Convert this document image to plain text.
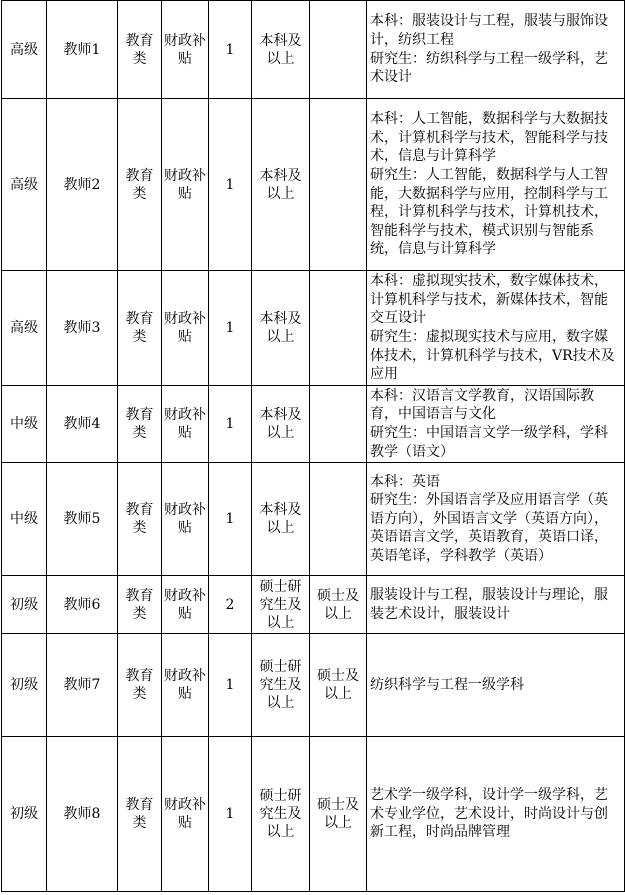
高级	教师1	教育类	财政补贴	1	本科及以上		本科：服装设计与工程，服装与服饰设计，纺织工程
研究生：纺织科学与工程一级学科，艺术设计
高级	教师2	教育类	财政补贴	1	本科及以上		本科：人工智能，数据科学与大数据技术，计算机科学与技术，智能科学与技术，信息与计算科学
研究生：人工智能，数据科学与人工智能，大数据科学与应用，控制科学与工程，计算机科学与技术，计算机技术，智能科学与技术，模式识别与智能系统，信息与计算科学
高级	教师3	教育类	财政补贴	1	本科及以上		本科：虚拟现实技术，数字媒体技术，计算机科学与技术，新媒体技术，智能交互设计
研究生：虚拟现实技术与应用，数字媒体技术，计算机科学与技术，VR技术及应用
中级	教师4	教育类	财政补贴	1	本科及以上		本科：汉语言文学教育，汉语国际教育，中国语言与文化
研究生：中国语言文学一级学科，学科教学（语文）
中级	教师5	教育类	财政补贴	1	本科及以上		本科：英语
研究生：外国语言学及应用语言学（英语方向），外国语言文学（英语方向），英语语言文学，英语教育，英语口译，英语笔译，学科教学（英语）
初级	教师6	教育类	财政补贴	2	硕士研究生及以上	硕士及以上	服装设计与工程，服装设计与理论，服装艺术设计，服装设计
初级	教师7	教育类	财政补贴	1	硕士研究生及以上	硕士及以上	纺织科学与工程一级学科
初级	教师8	教育类	财政补贴	1	硕士研究生及以上	硕士及以上	艺术学一级学科，设计学一级学科，艺术专业学位，艺术设计，时尚设计与创新工程，时尚品牌管理
